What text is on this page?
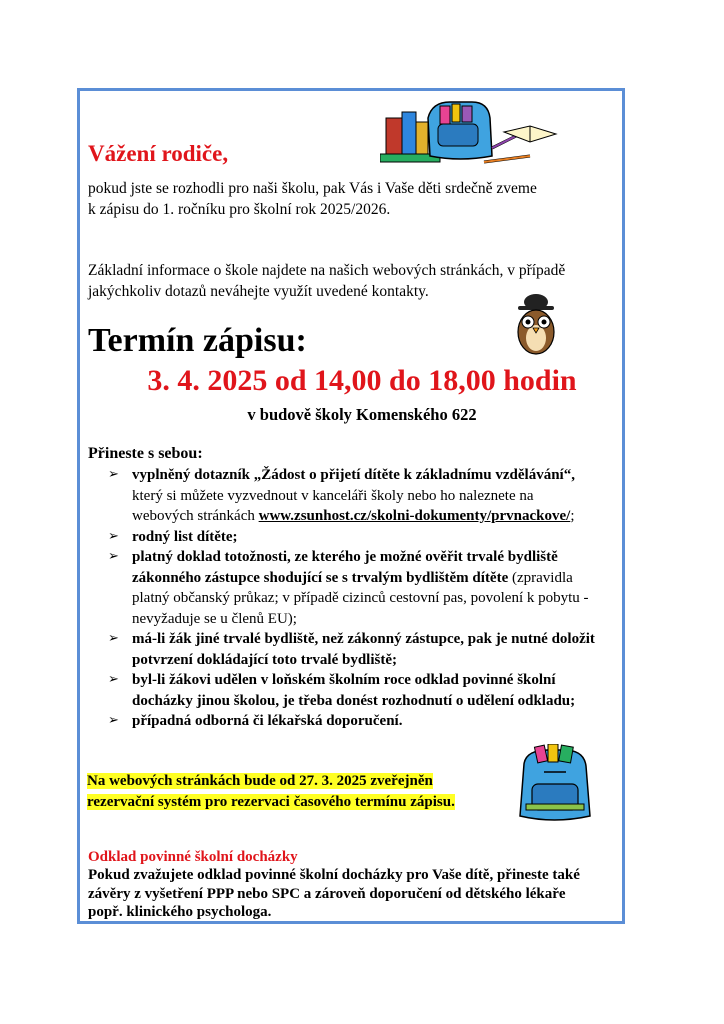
Vážení rodiče,
pokud jste se rozhodli pro naši školu, pak Vás i Vaše děti srdečně zveme
k zápisu do 1. ročníku pro školní rok 2025/2026.
Základní informace o škole najdete na našich webových stránkách, v případě
jakýchkoliv dotazů neváhejte využít uvedené kontakty.
Termín zápisu:
3. 4. 2025 od 14,00 do 18,00 hodin
v budově školy Komenského 622
Přineste s sebou:
➢ vyplněný dotazník „Žádost o přijetí dítěte k základnímu vzdělávání“,
který si můžete vyzvednout v kanceláři školy nebo ho naleznete na
webových stránkách www.zsunhost.cz/skolni-dokumenty/prvnackove/;
➢ rodný list dítěte;
➢ platný doklad totožnosti, ze kterého je možné ověřit trvalé bydliště
zákonného zástupce shodující se s trvalým bydlištěm dítěte (zpravidla
platný občanský průkaz; v případě cizinců cestovní pas, povolení k pobytu -
nevyžaduje se u členů EU);
➢ má-li žák jiné trvalé bydliště, než zákonný zástupce, pak je nutné doložit
potvrzení dokládající toto trvalé bydliště;
➢ byl-li žákovi udělen v loňském školním roce odklad povinné školní
docházky jinou školou, je třeba donést rozhodnutí o udělení odkladu;
➢ případná odborná či lékařská doporučení.
Na webových stránkách bude od 27. 3. 2025 zveřejněn
rezervační systém pro rezervaci časového termínu zápisu.
Odklad povinné školní docházky
Pokud zvažujete odklad povinné školní docházky pro Vaše dítě, přineste také
závěry z vyšetření PPP nebo SPC a zároveň doporučení od dětského lékaře
popř. klinického psychologa.
